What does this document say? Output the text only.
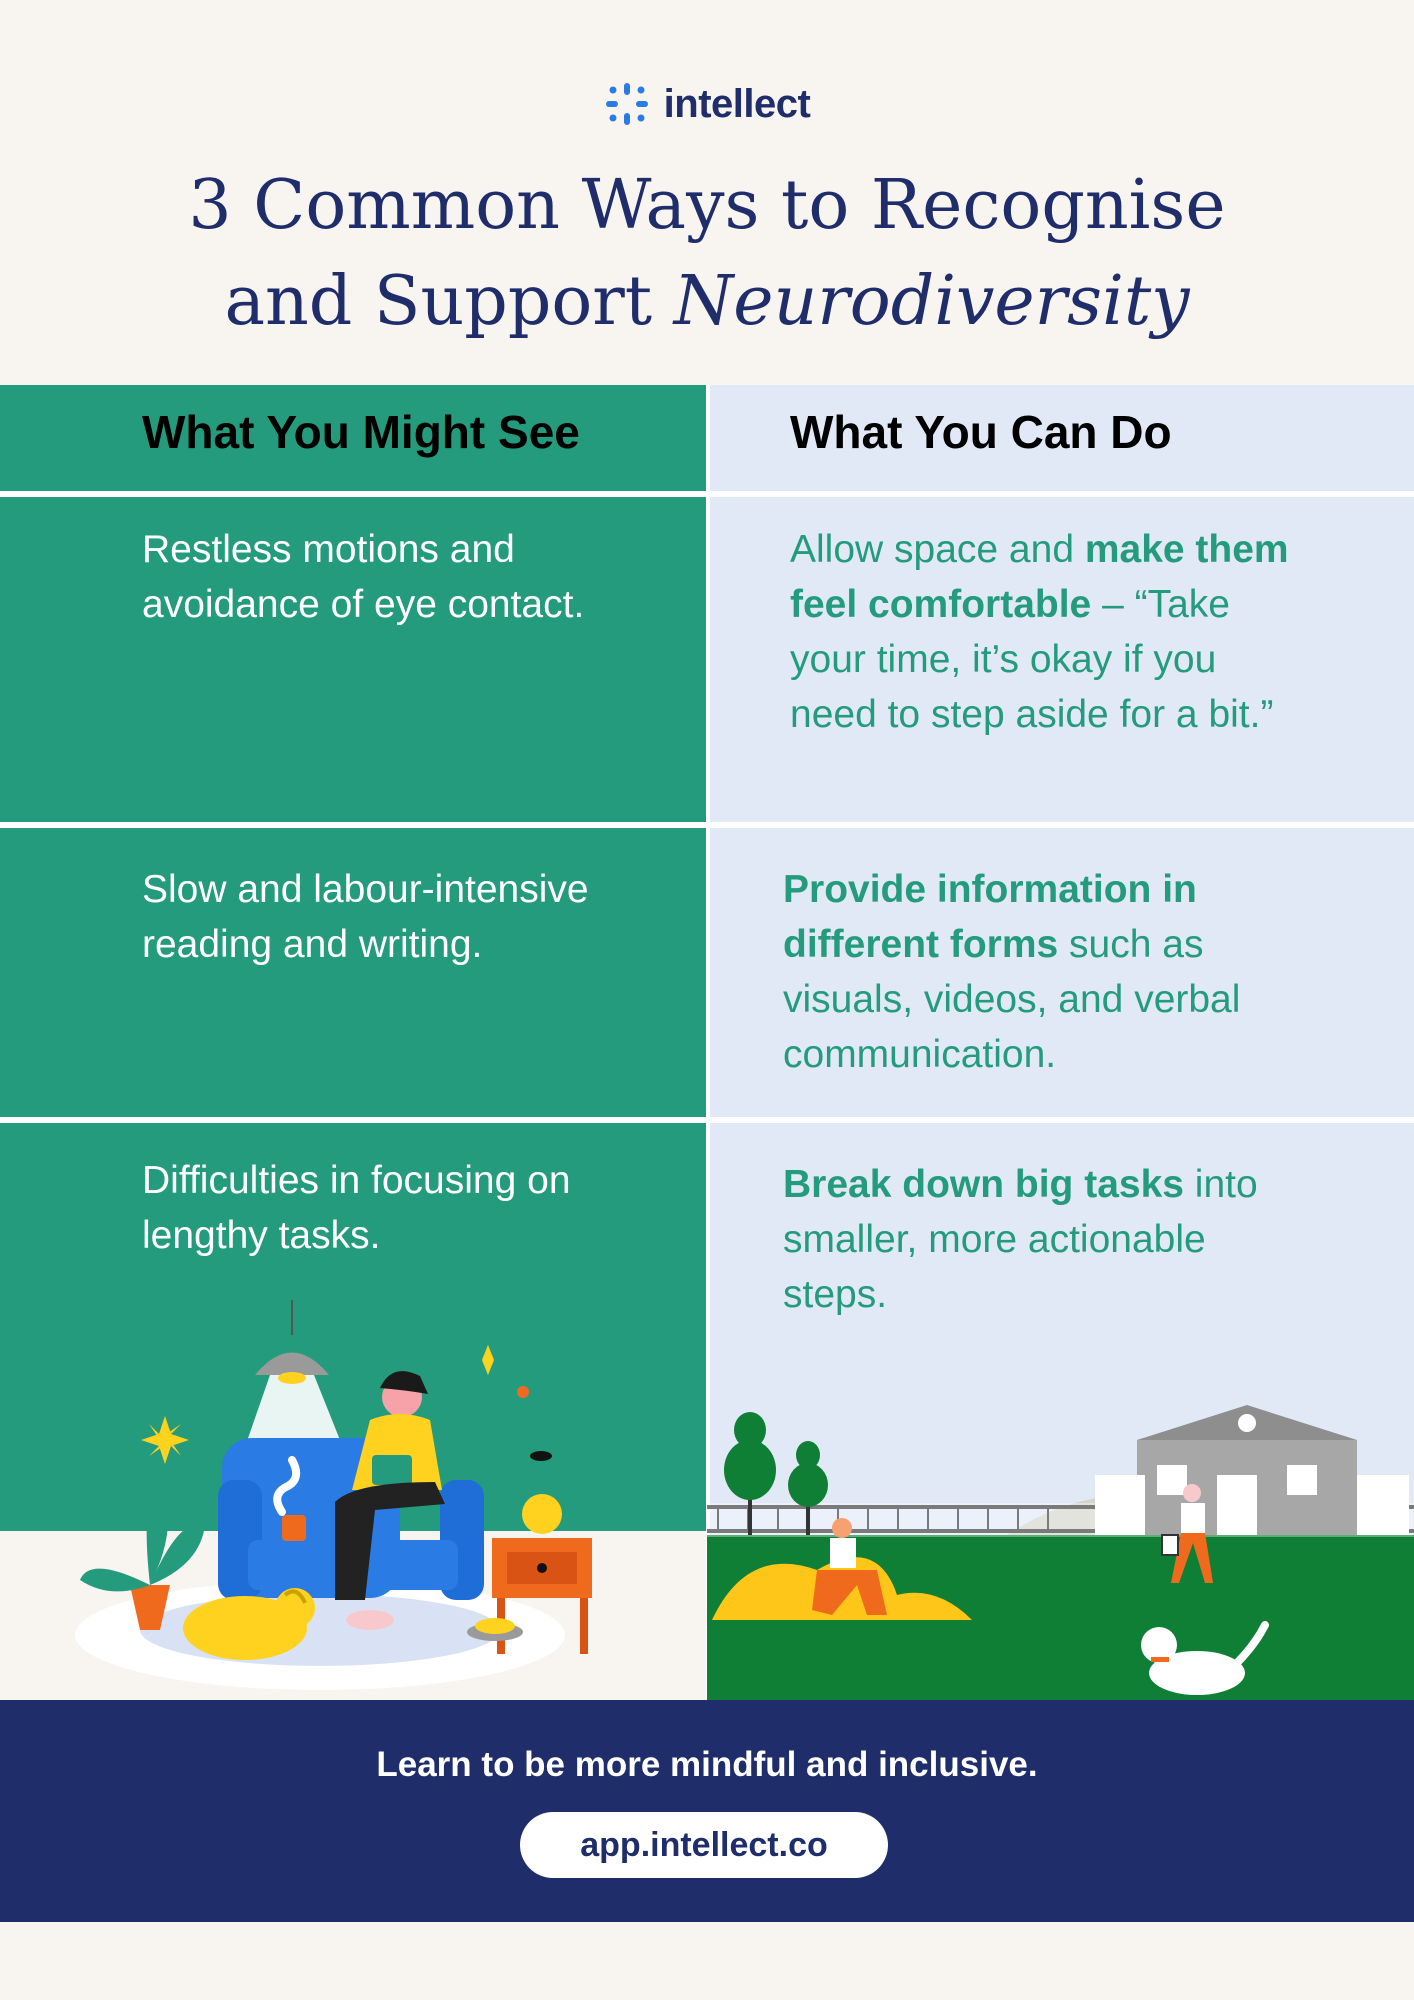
intellect
3 Common Ways to Recognise
and Support Neurodiversity
What You Might See	What You Can Do
Restless motions and avoidance of eye contact.
Allow space and make them feel comfortable – “Take your time, it’s okay if you need to step aside for a bit.”
Slow and labour-intensive reading and writing.
Provide information in different forms such as visuals, videos, and verbal communication.
Difficulties in focusing on lengthy tasks.
Break down big tasks into smaller, more actionable steps.
Learn to be more mindful and inclusive.
app.intellect.co
